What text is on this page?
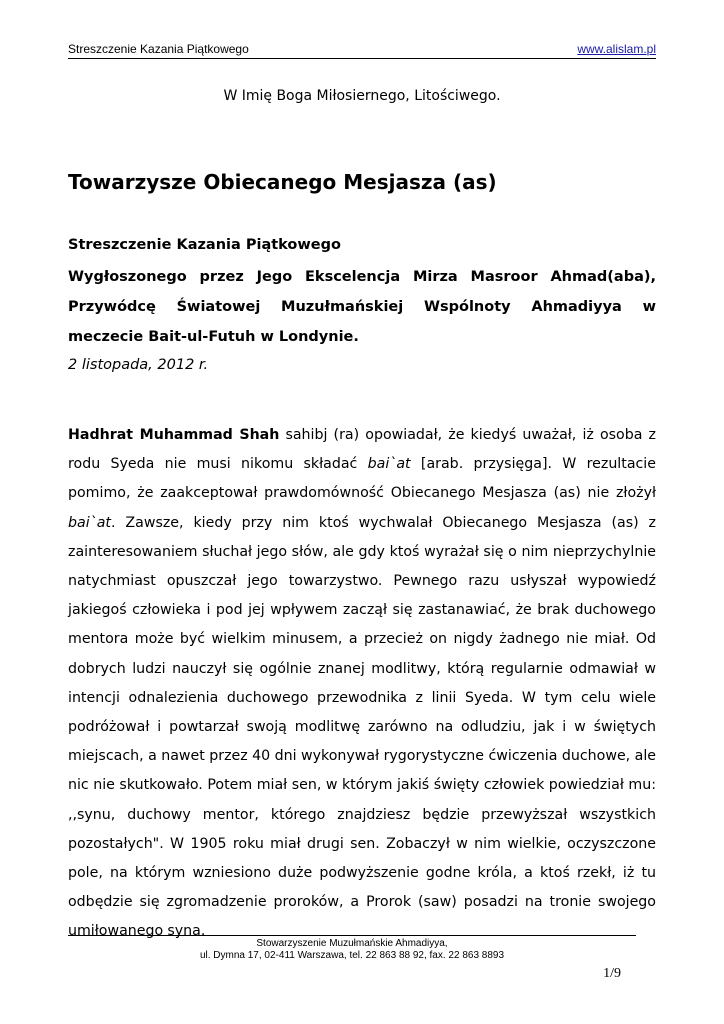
Streszczenie Kazania Piątkowego	www.alislam.pl
W Imię Boga Miłosiernego, Litościwego.
Towarzysze Obiecanego Mesjasza (as)
Streszczenie Kazania Piątkowego
Wygłoszonego przez Jego Ekscelencja Mirza Masroor Ahmad(aba), Przywódcę Światowej Muzułmańskiej Wspólnoty Ahmadiyya w meczecie Bait-ul-Futuh w Londynie.
2 listopada, 2012 r.
Hadhrat Muhammad Shah sahibj (ra) opowiadał, że kiedyś uważał, iż osoba z rodu Syeda nie musi nikomu składać bai`at [arab. przysięga]. W rezultacie pomimo, że zaakceptował prawdomówność Obiecanego Mesjasza (as) nie złożył bai`at. Zawsze, kiedy przy nim ktoś wychwalał Obiecanego Mesjasza (as) z zainteresowaniem słuchał jego słów, ale gdy ktoś wyrażał się o nim nieprzychylnie natychmiast opuszczał jego towarzystwo. Pewnego razu usłyszał wypowiedź jakiegoś człowieka i pod jej wpływem zaczął się zastanawiać, że brak duchowego mentora może być wielkim minusem, a przecież on nigdy żadnego nie miał. Od dobrych ludzi nauczył się ogólnie znanej modlitwy, którą regularnie odmawiał w intencji odnalezienia duchowego przewodnika z linii Syeda. W tym celu wiele podróżował i powtarzał swoją modlitwę zarówno na odludziu, jak i w świętych miejscach, a nawet przez 40 dni wykonywał rygorystyczne ćwiczenia duchowe, ale nic nie skutkowało. Potem miał sen, w którym jakiś święty człowiek powiedział mu: ,,synu, duchowy mentor, którego znajdziesz będzie przewyższał wszystkich pozostałych". W 1905 roku miał drugi sen. Zobaczył w nim wielkie, oczyszczone pole, na którym wzniesiono duże podwyższenie godne króla, a ktoś rzekł, iż tu odbędzie się zgromadzenie proroków, a Prorok (saw) posadzi na tronie swojego umiłowanego syna.
Stowarzyszenie Muzułmańskie Ahmadiyya,
ul. Dymna 17, 02-411 Warszawa, tel. 22 863 88 92, fax. 22 863 8893
1/9
